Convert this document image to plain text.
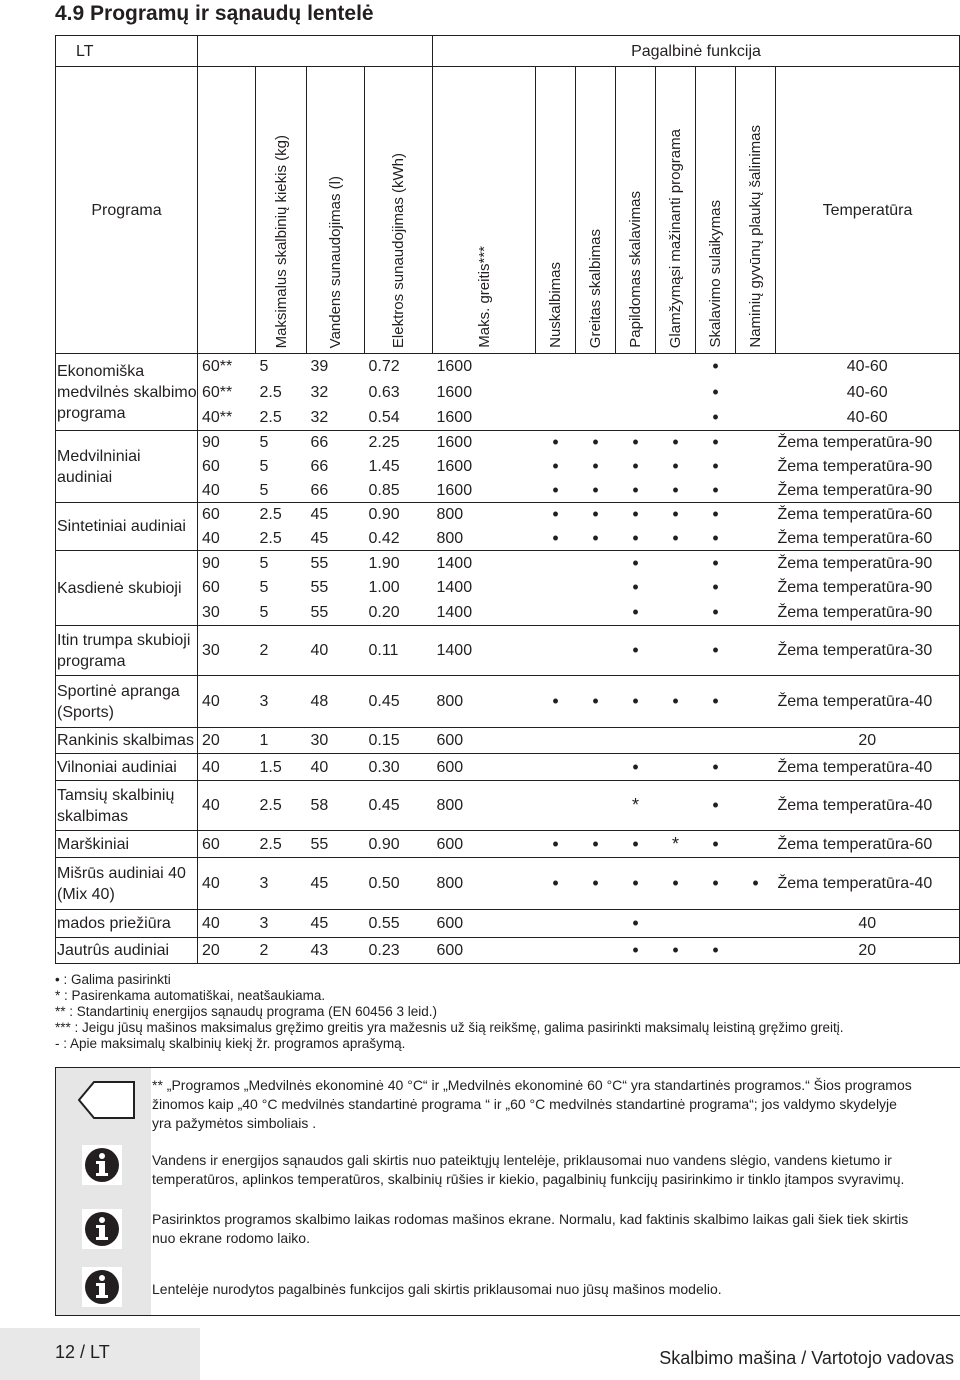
4.9 Programų ir sąnaudų lentelė
LT					Pagalbinė funkcija							
Programa		Maksimalus skalbinių kiekis (kg)	Vandens sunaudojimas (l)	Elektros sunaudojimas (kWh)	Maks. greitis***	Nuskalbimas	Greitas skalbimas	Papildomas skalavimas	Glamžymąsi mažinanti programa	Skalavimo sulaikymas	Naminių gyvūnų plaukų šalinimas	Temperatūra
Ekonomiška medvilnės skalbimo programa	60**	5	39	0.72	1600					•		40-60
	60**	2.5	32	0.63	1600					•		40-60
	40**	2.5	32	0.54	1600					•		40-60
Medvilniniai audiniai	90	5	66	2.25	1600	•	•	•	•	•		Žema temperatūra-90
	60	5	66	1.45	1600	•	•	•	•	•		Žema temperatūra-90
	40	5	66	0.85	1600	•	•	•	•	•		Žema temperatūra-90
Sintetiniai audiniai	60	2.5	45	0.90	800	•	•	•	•	•		Žema temperatūra-60
	40	2.5	45	0.42	800	•	•	•	•	•		Žema temperatūra-60
Kasdienė skubioji	90	5	55	1.90	1400			•		•		Žema temperatūra-90
	60	5	55	1.00	1400			•		•		Žema temperatūra-90
	30	5	55	0.20	1400			•		•		Žema temperatūra-90
Itin trumpa skubioji programa	30	2	40	0.11	1400			•		•		Žema temperatūra-30
Sportinė apranga (Sports)	40	3	48	0.45	800	•	•	•	•	•		Žema temperatūra-40
Rankinis skalbimas	20	1	30	0.15	600							20
Vilnoniai audiniai	40	1.5	40	0.30	600			•		•		Žema temperatūra-40
Tamsių skalbinių skalbimas	40	2.5	58	0.45	800			*		•		Žema temperatūra-40
Marškiniai	60	2.5	55	0.90	600	•	•	•	*	•		Žema temperatūra-60
Mišrūs audiniai 40 (Mix 40)	40	3	45	0.50	800	•	•	•	•	•	•	Žema temperatūra-40
mados priežiūra	40	3	45	0.55	600			•				40
Jautrûs audiniai	20	2	43	0.23	600			•	•	•		20
• : Galima pasirinkti
* : Pasirenkama automatiškai, neatšaukiama.
** : Standartinių energijos sąnaudų programa (EN 60456 3 leid.)
*** : Jeigu jūsų mašinos maksimalus gręžimo greitis yra mažesnis už šią reikšmę, galima pasirinkti maksimalų leistiną gręžimo greitį.
- : Apie maksimalų skalbinių kiekį žr. programos aprašymą.

** „Programos „Medvilnės ekonominė 40 °C“ ir „Medvilnės ekonominė 60 °C“ yra standartinės programos.“ Šios programos

žinomos kaip „40 °C medvilnės standartinė programa “ ir „60 °C medvilnės standartinė programa“; jos valdymo skydelyje

yra pažymėtos simboliais .

Vandens ir energijos sąnaudos gali skirtis nuo pateiktųjų lentelėje, priklausomai nuo vandens slėgio, vandens kietumo ir

temperatūros, aplinkos temperatūros, skalbinių rūšies ir kiekio, pagalbinių funkcijų pasirinkimo ir tinklo įtampos svyravimų.

Pasirinktos programos skalbimo laikas rodomas mašinos ekrane. Normalu, kad faktinis skalbimo laikas gali šiek tiek skirtis

nuo ekrane rodomo laiko.

Lentelėje nurodytos pagalbinės funkcijos gali skirtis priklausomai nuo jūsų mašinos modelio.

12 / LT	Skalbimo mašina / Vartotojo vadovas
